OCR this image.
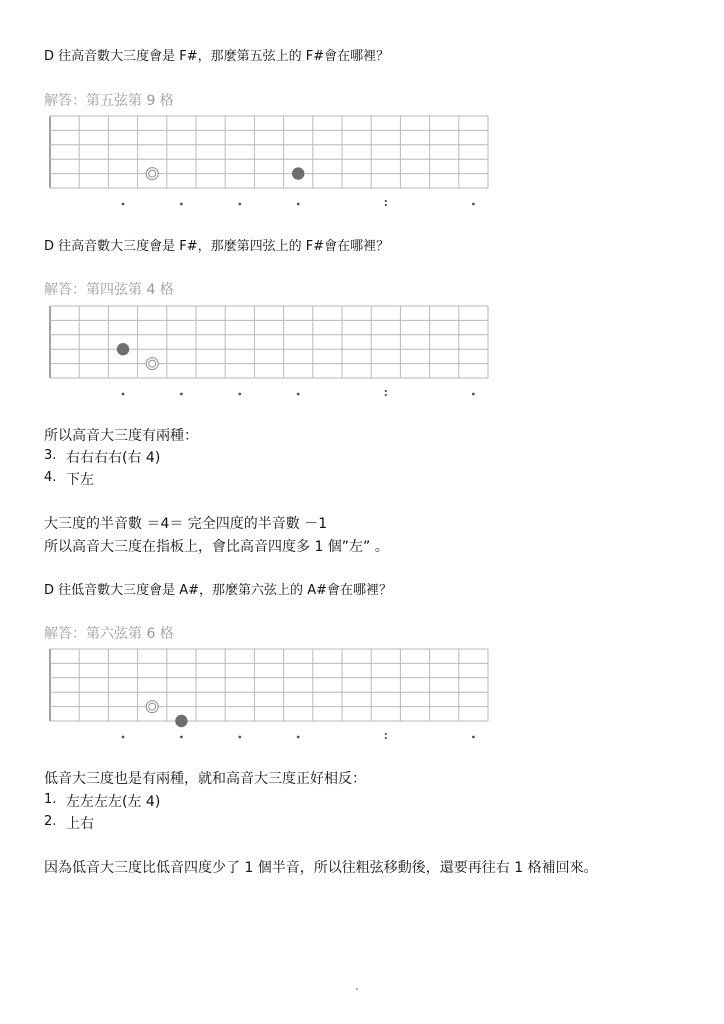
D 往高音數大三度會是 F#，那麼第五弦上的 F#會在哪裡？
解答：第五弦第 9 格
D 往高音數大三度會是 F#，那麼第四弦上的 F#會在哪裡？
解答：第四弦第 4 格
所以高音大三度有兩種：
3. 右右右右(右 4)
4. 下左
大三度的半音數 ＝4＝ 完全四度的半音數 －1
所以高音大三度在指板上，會比高音四度多 1 個”左” 。
D 往低音數大三度會是 A#，那麼第六弦上的 A#會在哪裡？
解答：第六弦第 6 格
低音大三度也是有兩種，就和高音大三度正好相反：
1. 左左左左(左 4)
2. 上右
因為低音大三度比低音四度少了 1 個半音，所以往粗弦移動後，還要再往右 1 格補回來。
